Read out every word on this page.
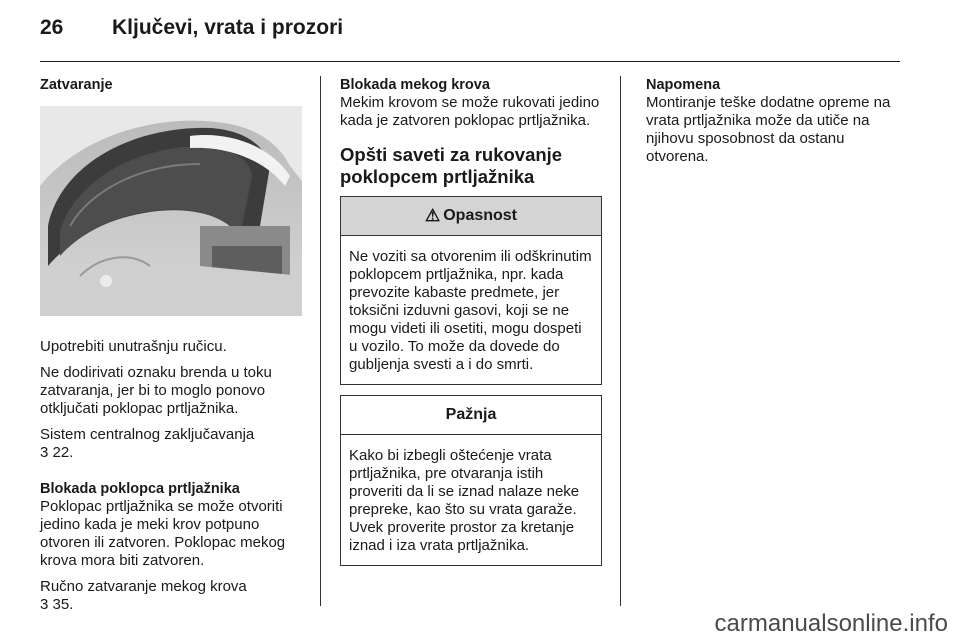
26 Ključevi, vrata i prozori

Zatvaranje

Upotrebiti unutrašnju ručicu.

Ne dodirivati oznaku brenda u toku zatvaranja, jer bi to moglo ponovo otključati poklopac prtljažnika.

Sistem centralnog zaključavanja
3 22.

Blokada poklopca prtljažnika

Poklopac prtljažnika se može otvoriti jedino kada je meki krov potpuno otvoren ili zatvoren. Poklopac mekog krova mora biti zatvoren.

Ručno zatvaranje mekog krova
3 35.

Blokada mekog krova

Mekim krovom se može rukovati jedino kada je zatvoren poklopac prtljažnika.

Opšti saveti za rukovanje poklopcem prtljažnika

⚠ Opasnost
Ne voziti sa otvorenim ili odškrinutim poklopcem prtljažnika, npr. kada prevozite kabaste predmete, jer toksični izduvni gasovi, koji se ne mogu videti ili osetiti, mogu dospeti u vozilo. To može da dovede do gubljenja svesti a i do smrti.
Pažnja
Kako bi izbegli oštećenje vrata prtljažnika, pre otvaranja istih proveriti da li se iznad nalaze neke prepreke, kao što su vrata garaže. Uvek proverite prostor za kretanje iznad i iza vrata prtljažnika.

Napomena

Montiranje teške dodatne opreme na vrata prtljažnika može da utiče na njihovu sposobnost da ostanu otvorena.

carmanualsonline.info
